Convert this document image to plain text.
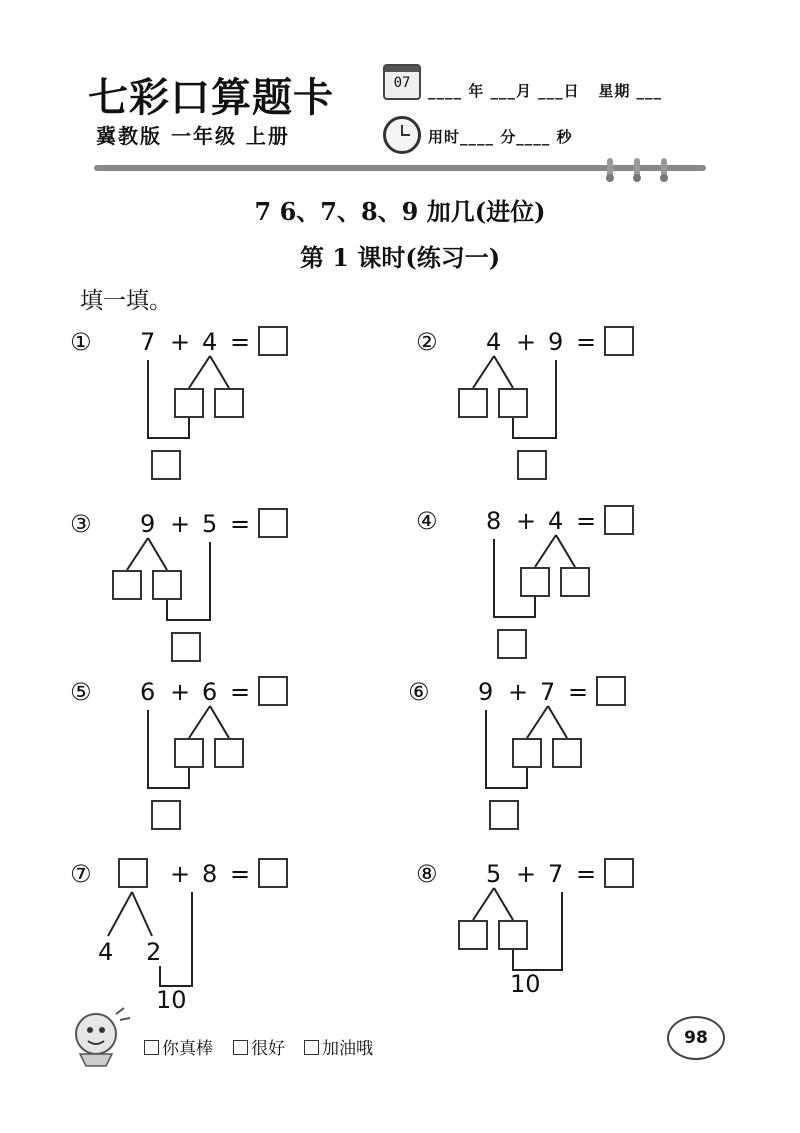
七彩口算题卡
冀教版 一年级 上册
07	____ 年 ___月 ___日   星期 ___
用时____ 分____ 秒
7 6、7、8、9 加几(进位)
第 1 课时(练习一)
填一填。
① 7 + 4 =	② 4 + 9 =
③ 9 + 5 =	④ 8 + 4 =
⑤ 6 + 6 =	⑥ 9 + 7 =
⑦	+ 8 =
4 2
10
⑧ 5 + 7 =
10
你真棒	很好	加油哦
98
